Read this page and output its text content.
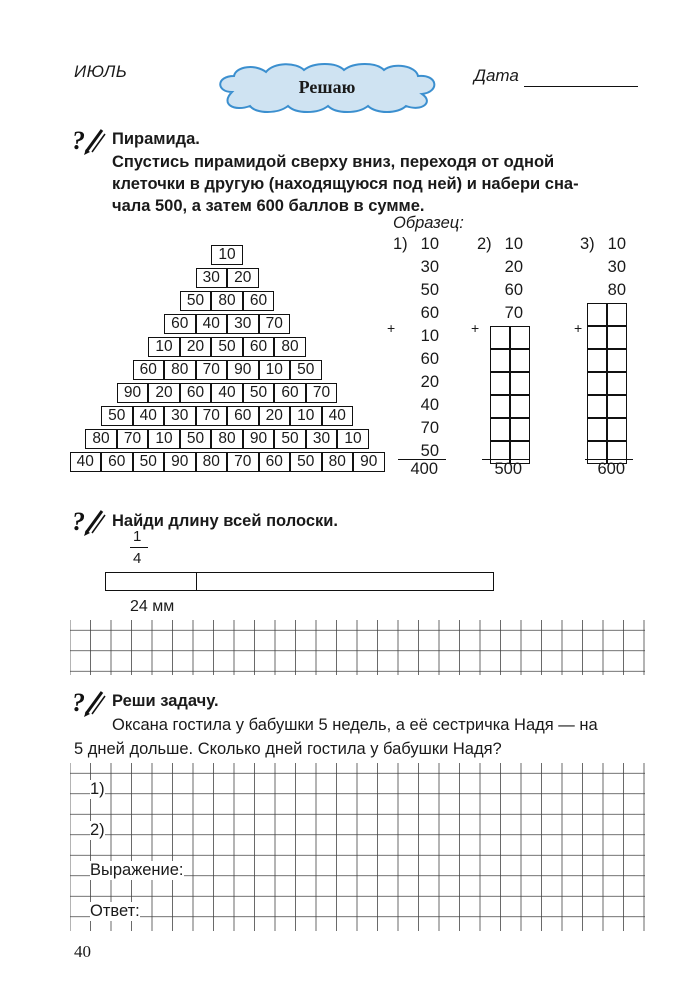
ИЮЛЬ
Решаю
Дата
? Пирамида.
Спустись пирамидой сверху вниз, переходя от одной
клеточки в другую (находящуюся под ней) и набери сна-
чала 500, а затем 600 баллов в сумме.
Образец:
10
30 20
50 80 60
60 40 30 70
10 20 50 60 80
60 80 70 90 10 50
90 20 60 40 50 60 70
50 40 30 70 60 20 10 40
80 70 10 50 80 90 50 30 10
40 60 50 90 80 70 60 50 80 90
1) 10
30
50
60
10
60
20
40
70
50
+
400
2) 10
20
60
70
+
500
3) 10
30
80
+
600
? Найди длину всей полоски.
1
4
24 мм
? Реши задачу.
Оксана гостила у бабушки 5 недель, а её сестричка Надя — на
5 дней дольше. Сколько дней гостила у бабушки Надя?
1)
2)
Выражение:
Ответ:
40
